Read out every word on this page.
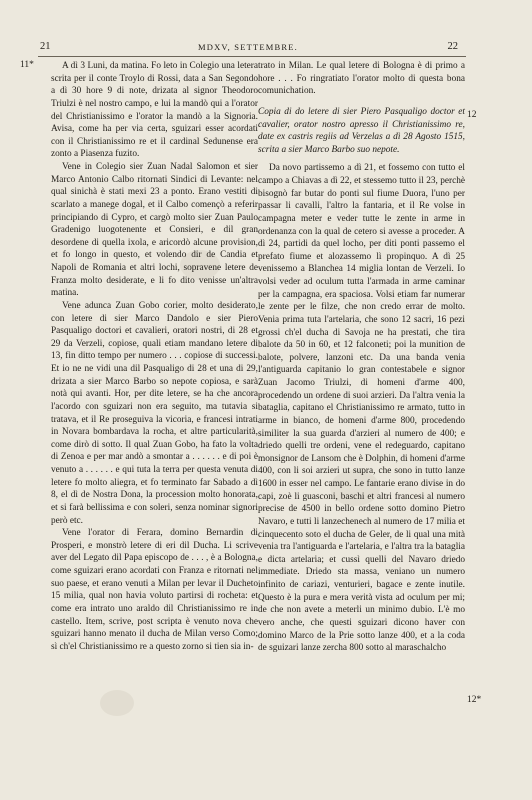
21	MDXV, SETTEMBRE.	22
11*
12
12*

A dì 3 Luni, da matina. Fo leto in Colegio una letera scrita per il conte Troylo di Rossi, data a San Segondo a dì 30 hore 9 di note, drizata al signor Theodoro Triulzi è nel nostro campo, e lui la mandò qui a l'orator del Christianissimo e l'orator la mandò a la Signoria. Avisa, come ha per via certa, sguizari esser acordati con il Christianissimo re et il cardinal Sedunense era zonto a Piasenza fuzito.

Vene in Colegio sier Zuan Nadal Salomon et sier Marco Antonio Calbo ritornati Sindici di Levante: nel qual sinichà è stati mexi 23 a ponto. Erano vestiti di scarlato a manege dogal, et il Calbo començò a referir principiando di Cypro, et cargò molto sier Zuan Paulo Gradenigo luogotenente et Consieri, e dil gran desordene di quella ixola, e aricordò alcune provision, et fo longo in questo, et volendo dir de Candia et Napoli de Romania et altri lochi, sopravene letere de Franza molto desiderate, e li fo dito venisse un'altra matina.

Vene adunca Zuan Gobo corier, molto desiderato, con letere di sier Marco Dandolo e sier Piero Pasqualigo doctori et cavalieri, oratori nostri, di 28 et 29 da Verzeli, copiose, quali etiam mandano letere di 13, fin ditto tempo per numero . . . copiose di successi. Et io ne ne vidi una dil Pasqualigo di 28 et una di 29, drizata a sier Marco Barbo so nepote copiosa, e sarà notà qui avanti. Hor, per dite letere, se ha che ancora l'acordo con sguizari non era seguito, ma tutavia si tratava, et il Re proseguiva la vicoria, e francesi intrati in Novara bombardava la rocha, et altre particularità, come dirò di sotto. Il qual Zuan Gobo, ha fato la volta di Zenoa e per mar andò a smontar a . . . . . . e di poi è venuto a . . . . . . e qui tuta la terra per questa venuta di letere fo molto aliegra, et fo terminato far Sabado a dì 8, el dì de Nostra Dona, la procession molto honorata, et si farà bellissima e con soleri, senza nominar signori però etc.

Vene l'orator di Ferara, domino Bernardin di Prosperi, e monstrò letere di eri dil Ducha. Li scrive aver del Legato dil Papa episcopo de . . . , è a Bologna, come sguizari erano acordati con Franza e ritornati nel suo paese, et erano venuti a Milan per levar il Ducheto 15 milia, qual non havia voluto partirsi di rocheta: et come era intrato uno araldo dil Christianissimo re in castello. Item, scrive, post scripta è venuto nova che sguizari hanno menato il ducha de Milan verso Como; sì ch'el Christianissimo re a questo zorno si tien sia in-

trato in Milan. Le qual letere di Bologna è di primo a hore . . . Fo ringratiato l'orator molto di questa bona comunichation.

Copia di do letere di sier Piero Pasqualigo doctor et cavalier, orator nostro apresso il Christianissimo re, date ex castris regiis ad Verzelas a dì 28 Agosto 1515, scrita a sier Marco Barbo suo nepote.

Da novo partissemo a dì 21, et fossemo con tutto el campo a Chiavas a dì 22, et stessemo tutto il 23, perchè bisognò far butar do ponti sul fiume Duora, l'uno per passar li cavalli, l'altro la fantaria, et il Re volse in campagna meter e veder tutte le zente in arme in ordenanza con la qual de cetero si avesse a proceder. A dì 24, partidi da quel locho, per diti ponti passemo el prefato fiume et alozassemo lì propinquo. A dì 25 venissemo a Blanchea 14 miglia lontan de Verzeli. Io volsi veder ad oculum tutta l'armada in arme caminar per la campagna, era spaciosa. Volsi etiam far numerar le zente per le filze, che non credo errar de molto. Venia prima tuta l'artelaria, che sono 12 sacri, 16 pezi grossi ch'el ducha di Savoja ne ha prestati, che tira balote da 50 in 60, et 12 falconeti; poi la munition de balote, polvere, lanzoni etc. Da una banda venia l'antiguarda capitanio lo gran contestabele e signor Zuan Jacomo Triulzi, di homeni d'arme 400, procedendo un ordene di suoi arzieri. Da l'altra venia la bataglia, capitano el Christianissimo re armato, tutto in arme in bianco, de homeni d'arme 800, procedendo similiter la sua guarda d'arzieri al numero de 400; e driedo quelli tre ordeni, vene el redeguardo, capitano monsignor de Lansom che è Dolphin, di homeni d'arme 400, con li soi arzieri ut supra, che sono in tutto lanze 1600 in esser nel campo. Le fantarie erano divise in do capi, zoè li guasconi, baschi et altri francesi al numero precise de 4500 in bello ordene sotto domino Pietro Navaro, e tutti li lanzechenech al numero de 17 milia et cinquecento soto el ducha de Geler, de li qual una mità venia tra l'antiguarda e l'artelaria, e l'altra tra la bataglia e dicta artelaria; et cussì quelli del Navaro driedo immediate. Driedo sta massa, veniano un numero infinito de cariazi, venturieri, bagace e zente inutile. Questo è la pura e mera verità vista ad oculum per mi; de che non avete a meterli un minimo dubio. L'è mo vero anche, che questi sguizari dicono haver con domino Marco de la Prie sotto lanze 400, et a la coda de sguizari lanze zercha 800 sotto al maraschalcho
